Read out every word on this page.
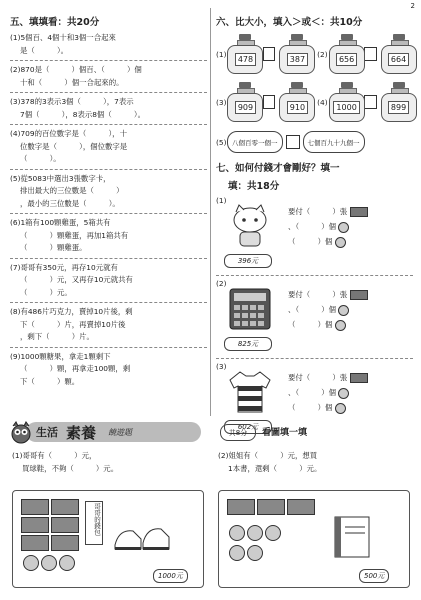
2
五、填填看：共20分
(1)5個百、4個十和3個一合起來
是（　　　）。
(2)870是（　　　）個百、（　　　）個
十和（　　　）個一合起來的。
(3)378的3表示3個（　　　），7表示
7個（　　　），8表示8個（　　　）。
(4)709的百位數字是（　　　），十
位數字是（　　　），個位數字是
（　　　）。
(5)從5083中選出3張數字卡，
排出最大的三位數是（　　　）
，最小的三位數是（　　　）。
(6)1箱有100顆雞蛋，5箱共有
（　　　）顆雞蛋，再加1箱共有
（　　　）顆雞蛋。
(7)哥哥有350元，再存10元就有
（　　　）元，又再存10元就共有
（　　　）元。
(8)有486片巧克力，賣掉10片後，剩
下（　　　）片，再賣掉10片後
，剩下（　　　）片。
(9)1000顆糖果，拿走1顆剩下
（　　　）顆，再拿走100顆，剩
下（　　　）顆。
六、比大小，填入＞或＜：共10分
(1)
478	387
(2)
656	664
(3)
909	910
(4)
1000	899
(5) 八個百零一個一	七個百九十九個一
七、如何付錢才會剛好？填一
填：共18分
(1)
396元
要付（　　　）張
、（　　　）個
（　　　）個
(2)
825元
要付（　　　）張
、（　　　）個
（　　　）個
(3)
602元
要付（　　　）張
、（　　　）個
（　　　）個
生活 素養 饒遊題	共8分	看圖填一填
(1)哥哥有（　　　）元，
買球鞋，不夠（　　　）元。
哥哥的錢包
1000元
(2)姐姐有（　　　）元，想買
1本書，還剩（　　　）元。
500元
